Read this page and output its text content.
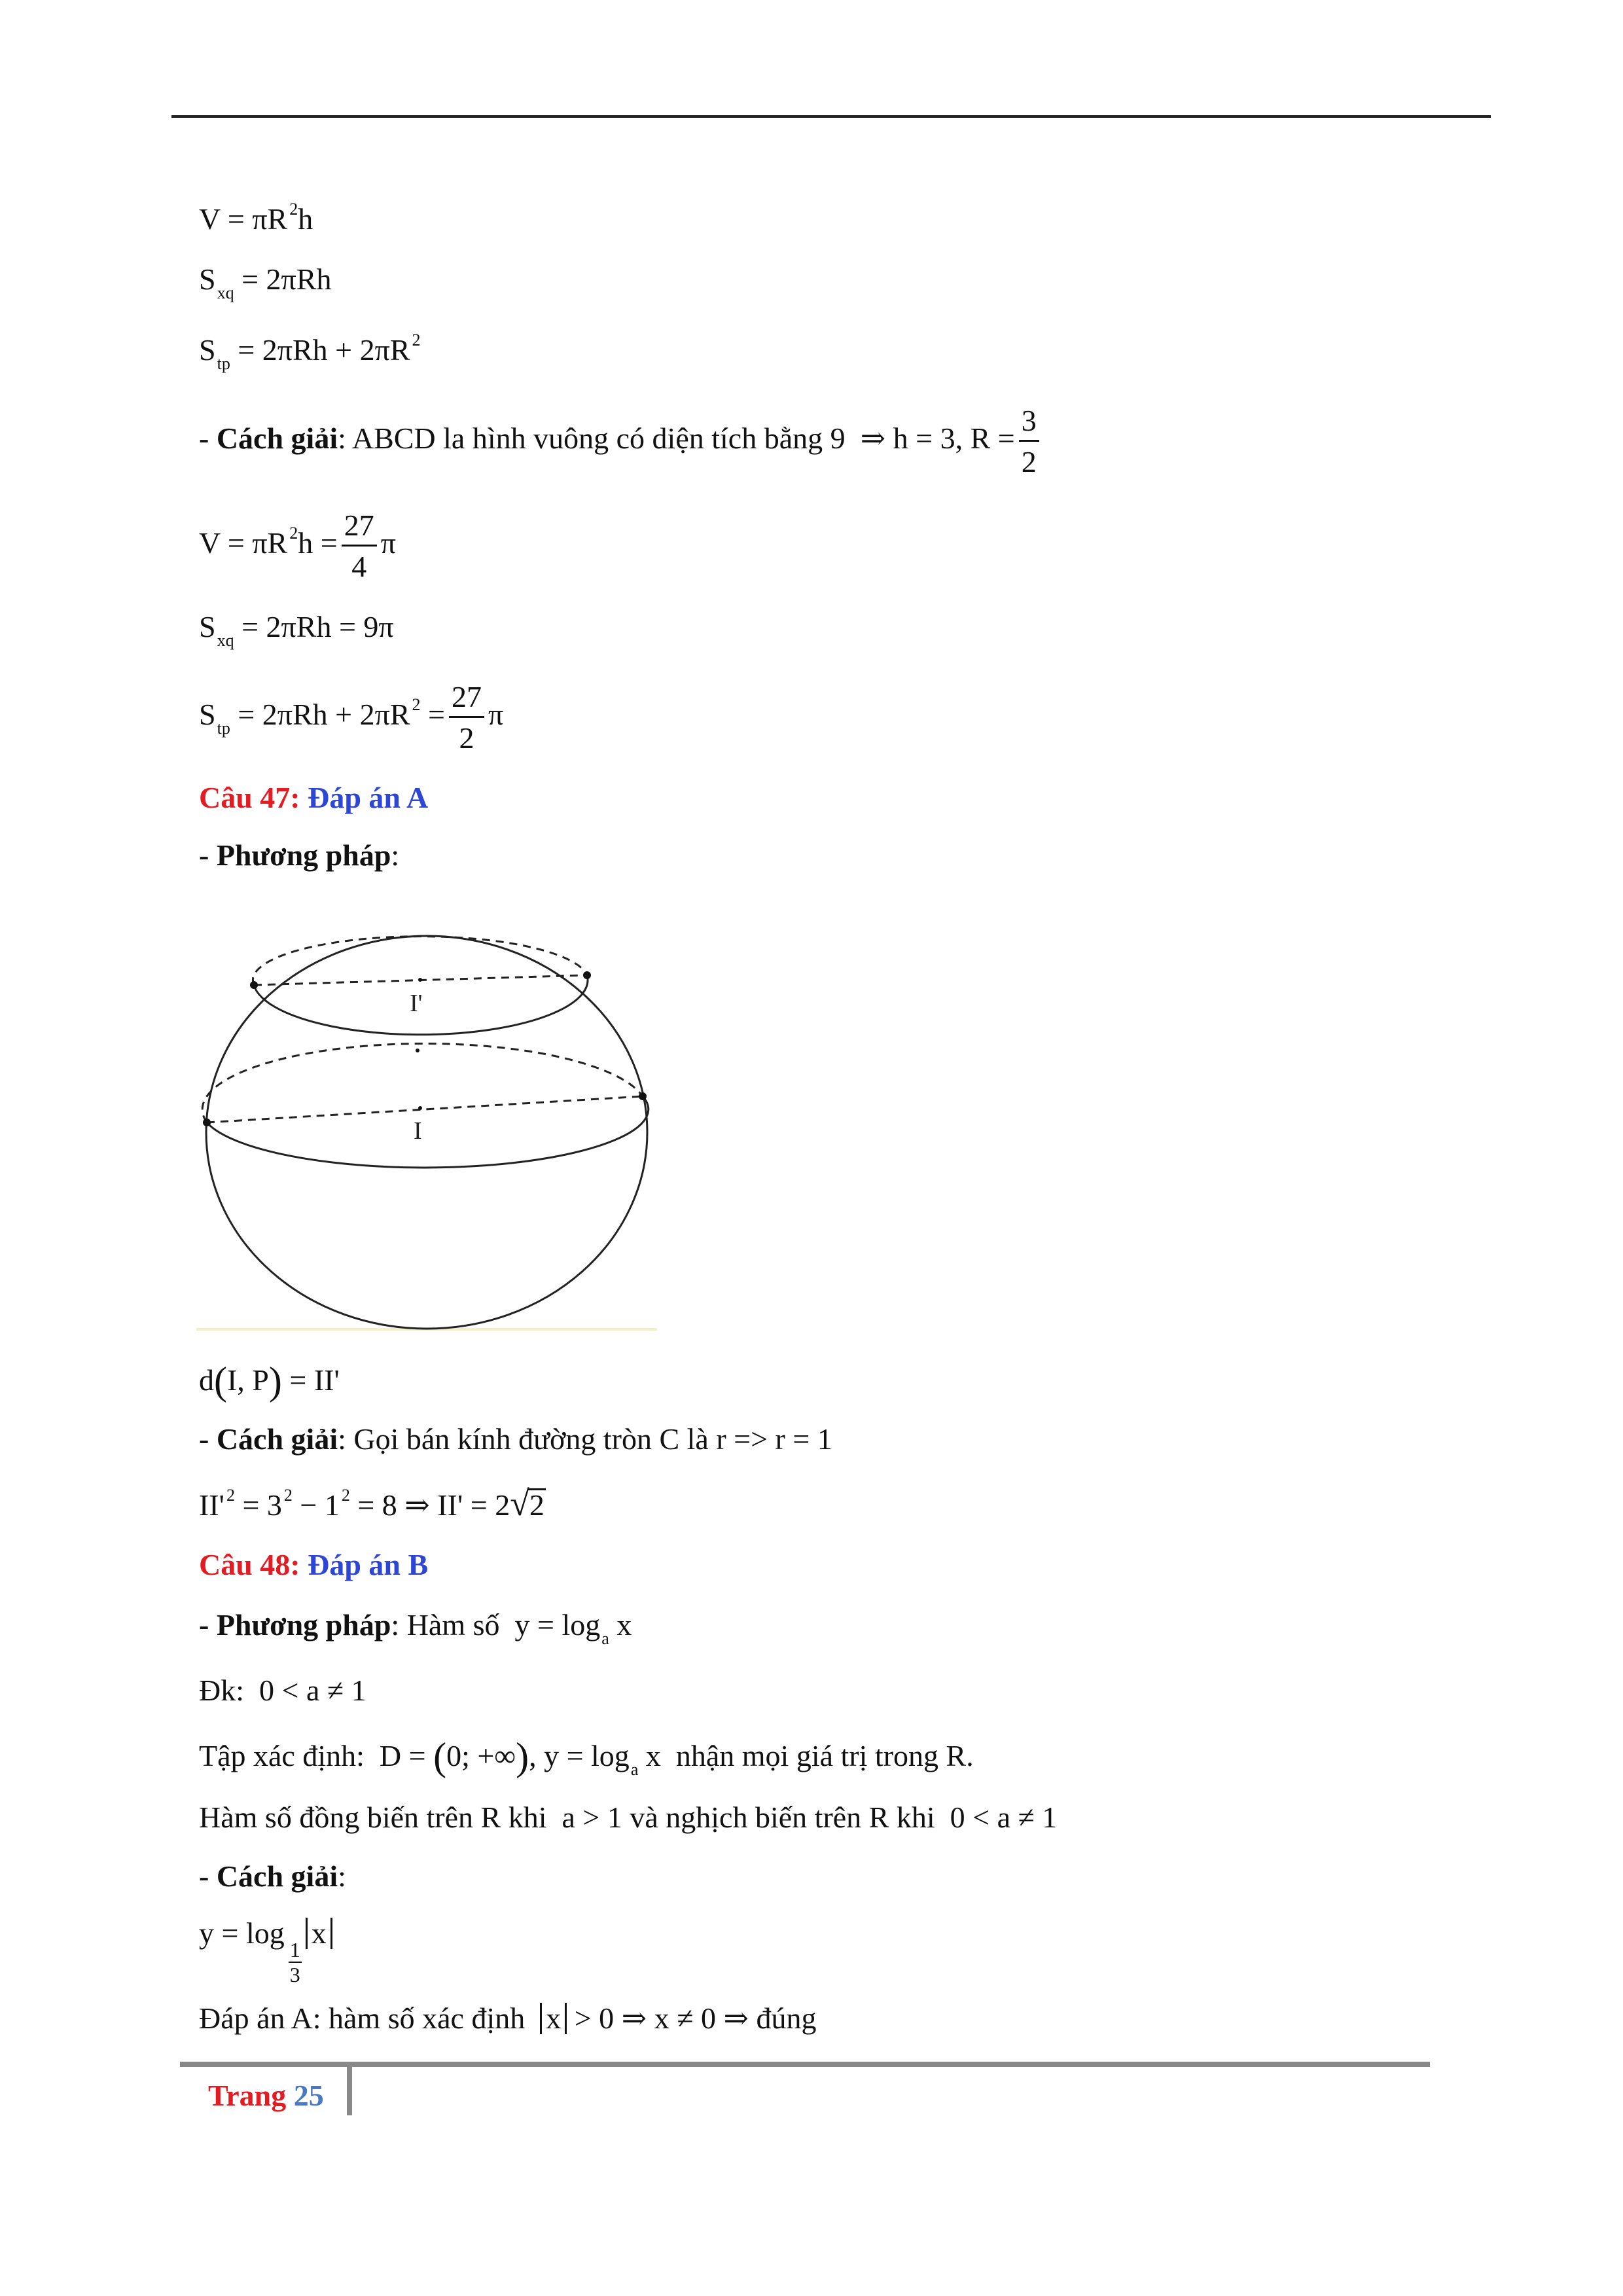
V = πR $^2$h
$S_{xq} = 2\pi Rh$
$S_{tp} = 2\pi Rh + 2\pi R$ $^2$
- Cách giải: ABCD la hình vuông có diện tích bằng 9  ⇒ h = 3, $R = \frac{3}{2}$
V = πR $^2h = \frac{27}{4}$ π
$S_{xq} = 2\pi Rh = 9\pi$
$S_{tp} = 2\pi Rh + 2\pi R$ $^2 = \frac{27}{2}$ π
Câu 47: Đáp án A
- Phương pháp:
I'
I
d(I, P) = II'
- Cách giải: Gọi bán kính đường tròn C là r => r = 1
II' $^2$ = 3 $^2$ − 1 $^2$ = 8 ⇒ II' = 2√2
Câu 48: Đáp án B
- Phương pháp: Hàm số  $y = \log_a x$
Đk: 0 < a ≠ 1
Tập xác định:  D = (0; +∞), $y = \log_a x$  nhận mọi giá trị trong R.
Hàm số đồng biến trên R khi a > 1 và nghịch biến trên R khi 0 < a ≠ 1
- Cách giải:
y = log
$\frac{1}{3}$
x
Đáp án A: hàm số xác định x > 0 ⇒ x ≠ 0 ⇒ đúng
Trang 25
